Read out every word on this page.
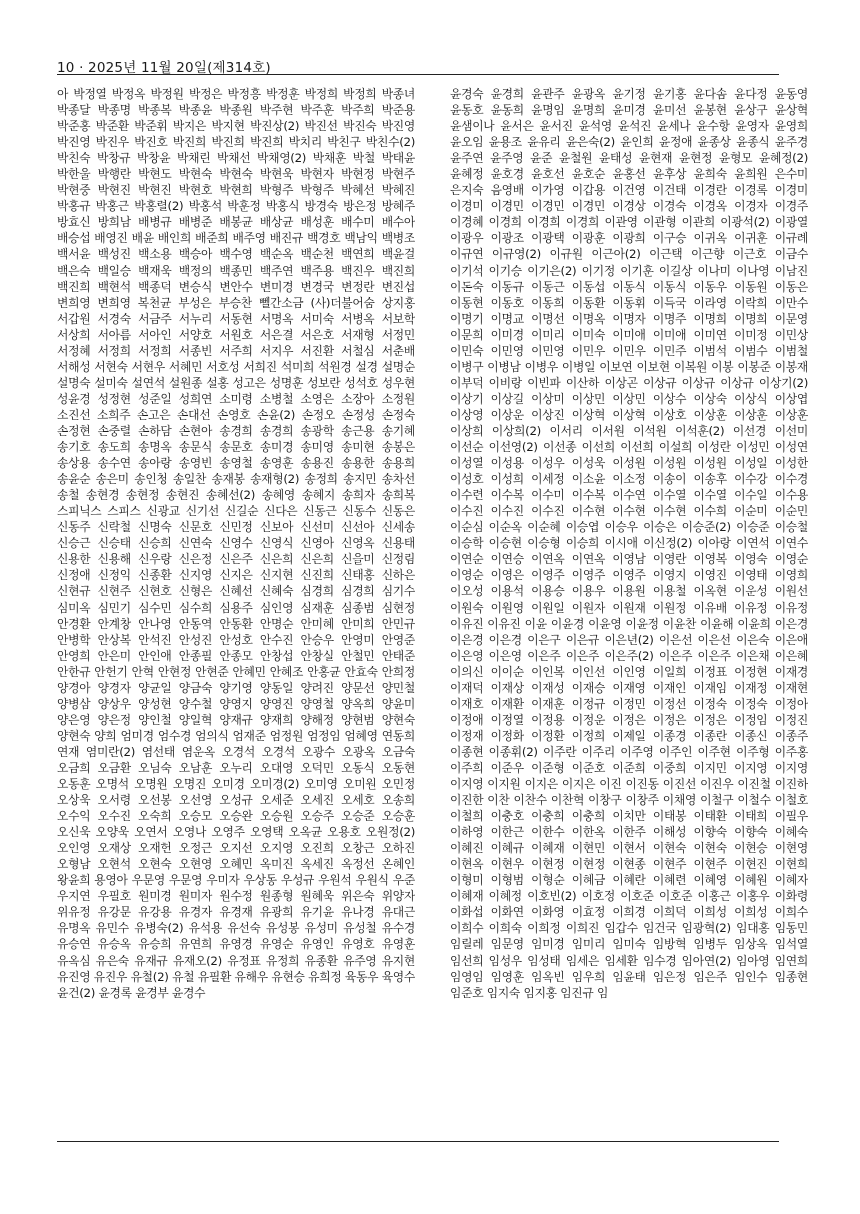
10 · 2025년 11월 20일(제314호)
아 박정열 박정옥 박정원 박정은 박정흥 박정훈 박정희 박정희 박종녀 박종달 박종명 박종복 박종윤 박종원 박주현 박주훈 박주희 박준용 박준홍 박준환 박준휘 박지은 박지현 박진상(2) 박진선 박진숙 박진영 박진영 박진우 박진호 박진희 박진희 박진희 박치리 박친구 박친수(2) 박친숙 박창규 박창윤 박채린 박채선 박채영(2) 박채훈 박철 박태윤 박한울 박행란 박현도 박현숙 박현숙 박현욱 박현자 박현정 박현주 박현중 박현진 박현진 박현호 박현희 박형주 박형주 박혜선 박혜진 박홍규 박홍근 박홍렬(2) 박홍석 박훈정 박홍식 방경숙 방은정 방혜주 방효신 방희남 배병규 배병준 배봉균 배상균 배성훈 배수미 배수아 배승섭 배영진 배윤 배인희 배준희 배주영 배진규 백경호 백남익 백병조 백서윤 백성진 백소용 백승아 백수영 백순옥 백순천 백연희 백윤걸 백은숙 백일승 백재욱 백정의 백종민 백주연 백주용 백진우 백진희 백진희 백현석 백종덕 변승식 변안수 변미경 변경국 변정란 변진섭 변희영 변희영 복천균 부성은 부승찬 뻴간소금 (사)더불어숨 상지홍 서갑원 서경숙 서금주 서누리 서동현 서명옥 서미숙 서병옥 서보학 서상희 서아름 서아인 서양호 서원호 서은결 서은호 서재형 서정민 서정혜 서정희 서정희 서종빈 서주희 서지우 서진환 서철심 서춘배 서해성 서현숙 서현우 서혜민 서호성 서희진 석미희 석원경 설경 설명순 설명숙 설미숙 설연석 설원종 설홍 성고은 성명훈 성보란 성석호 성우현 성윤경 성정현 성준일 성희연 소미령 소병철 소영은 소장아 소정원 소진선 소희주 손고은 손대선 손영호 손윤(2) 손정오 손정성 손정숙 손정현 손중렬 손하담 손현아 송경희 송경희 송광학 송근용 송기혜 송기호 송도희 송명옥 송문식 송문호 송미경 송미영 송미현 송봉은 송상용 송수연 송아랑 송영빈 송영철 송영훈 송용진 송용한 송용희 송윤순 송은미 송인청 송일찬 송재봉 송재형(2) 송정희 송지민 송차선 송철 송현경 송현정 송현진 송혜선(2) 송혜영 송혜지 송희자 송희복 스피닉스 스피스 신광교 신기선 신길순 신다은 신동근 신동수 신동은 신동주 신락철 신명숙 신문호 신민정 신보아 신선미 신선아 신세송 신승근 신승태 신승희 신연숙 신영수 신영식 신영아 신영옥 신용태 신용한 신용해 신우랑 신은정 신은주 신은희 신은희 신을미 신정림 신정애 신정익 신종환 신지영 신지은 신지현 신진희 신태홍 신하은 신현규 신현주 신현호 신형은 신혜선 신혜숙 심경희 심경희 심기수 심미옥 심민기 심수민 심수희 심용주 심인영 심재훈 심종범 심현정 안경환 안계창 안나영 안동역 안동환 안명순 안미혜 안미희 안민규 안병학 안상복 안석진 안성진 안성호 안수진 안승우 안영미 안영준 안영희 안은미 안인애 안종필 안종모 안창섭 안창실 안철민 안태준 안한규 안헌기 안혁 안현정 안현준 안혜민 안혜조 안홍균 안효숙 안희정 양경아 양경자 양균일 양금숙 양기영 양동일 양려진 양문선 양민철 양병삼 양상우 양성현 양수철 양영지 양영진 양영철 양옥희 양윤미 양은영 양은정 양인철 양일혁 양재규 양재희 양해정 양현범 양현숙 양현숙 양희 엄미경 엄수경 엄의식 엄재준 엄정원 엄정임 엄혜영 연동희 연재 염미란(2) 염선태 염운옥 오경석 오경석 오광수 오광옥 오금숙 오금희 오금환 오님숙 오남훈 오누리 오대영 오덕민 오동식 오동현 오동훈 오명석 오명원 오명진 오미경 오미경(2) 오미영 오미원 오민정 오상욱 오서령 오선봉 오선영 오성규 오세준 오세진 오세호 오송희 오수익 오수진 오숙희 오승모 오승완 오승원 오승주 오승준 오승훈 오신욱 오양욱 오연서 오영나 오영주 오영택 오옥균 오용호 오원정(2) 오인영 오재상 오재헌 오정근 오지선 오지영 오진희 오창근 오하진 오형남 오현석 오현숙 오현영 오혜민 옥미진 옥세진 옥정선 온혜인 왕윤희 용영아 우문영 우문영 우미자 우상동 우성규 우원석 우원식 우준 우지연 우필호 원미경 원미자 원수정 원종형 원혜욱 위은숙 위양자 위유정 유강문 유강용 유경자 유경재 유광희 유기윤 유나경 유대근 유명옥 유민수 유병숙(2) 유석용 유선숙 유성봉 유성미 유성철 유수경 유승연 유승옥 유승희 유연희 유영경 유영순 유영인 유영호 유영훈 유옥심 유은숙 유재규 유재오(2) 유정표 유정희 유종환 유주영 유지현 유진영 유진우 유철(2) 유철 유필환 유해우 유현승 유희정 육동우 육영수 윤건(2) 윤경록 윤경부 윤경수
윤경숙 윤경희 윤관주 윤광옥 윤기정 윤기홍 윤다솜 윤다정 윤동영 윤동호 윤동희 윤명임 윤명희 윤미경 윤미선 윤봉현 윤상구 윤상혁 윤샘이나 윤서은 윤서진 윤석영 윤석진 윤세나 윤수항 윤영자 윤영희 윤오임 윤용조 윤유리 윤은숙(2) 윤인희 윤정애 윤종상 윤종식 윤주경 윤주연 윤주영 윤준 윤철원 윤태성 윤현재 윤현정 윤형모 윤혜정(2) 윤혜정 윤호경 윤호선 윤호순 윤홍선 윤후상 윤희숙 윤희원 은수미 은지숙 음영배 이가영 이갑용 이건영 이건태 이경란 이경록 이경미 이경미 이경민 이경민 이경민 이경상 이경숙 이경옥 이경자 이경주 이경혜 이경희 이경희 이경희 이관영 이관형 이관희 이광석(2) 이광열 이광우 이광조 이광택 이광훈 이광희 이구승 이귀옥 이귀훈 이규례 이규연 이규영(2) 이규원 이근아(2) 이근택 이근향 이근호 이금수 이기석 이기승 이기은(2) 이기정 이기훈 이길상 이나미 이나영 이남진 이돈숙 이동규 이동근 이동섭 이동식 이동식 이동우 이동원 이동은 이동현 이동호 이동희 이동환 이동휘 이득국 이라영 이락희 이만수 이명기 이명교 이명선 이명옥 이명자 이명주 이명희 이명희 이문영 이문희 이미경 이미리 이미숙 이미애 이미애 이미연 이미정 이민상 이민숙 이민영 이민영 이민우 이민우 이민주 이범석 이범수 이범철 이병구 이병남 이병우 이병일 이보연 이보현 이복원 이봉 이봉준 이봉재 이부덕 이비랑 이빈파 이산하 이상곤 이상규 이상규 이상규 이상기(2) 이상기 이상길 이상미 이상민 이상민 이상수 이상숙 이상식 이상엽 이상영 이상운 이상진 이상혁 이상혁 이상호 이상훈 이상훈 이상훈 이상희 이상희(2) 이서리 이서원 이석원 이석훈(2) 이선경 이선미 이선순 이선영(2) 이선종 이선희 이선희 이설희 이성란 이성민 이성연 이성열 이성용 이성우 이성욱 이성원 이성원 이성원 이성일 이성한 이성호 이성희 이세정 이소윤 이소정 이송이 이송후 이수강 이수경 이수련 이수복 이수미 이수복 이수연 이수열 이수열 이수일 이수용 이수진 이수진 이수진 이수현 이수현 이수현 이수희 이순미 이순민 이순심 이순옥 이순혜 이승엽 이승우 이승은 이승준(2) 이승준 이승철 이승학 이승현 이승형 이승희 이시애 이신정(2) 이아랑 이연석 이연수 이연순 이연승 이연옥 이연옥 이영남 이영란 이영복 이영숙 이영순 이영순 이영은 이영주 이영주 이영주 이영지 이영진 이영태 이영희 이오성 이용석 이용승 이용우 이용원 이용철 이옥현 이운성 이원선 이원숙 이원영 이원일 이원자 이원재 이원정 이유배 이유정 이유정 이유진 이유진 이윤 이윤경 이윤영 이윤정 이윤찬 이윤해 이윤희 이은경 이은경 이은경 이은구 이은규 이은년(2) 이은선 이은선 이은숙 이은애 이은영 이은영 이은주 이은주 이은주(2) 이은주 이은주 이은채 이은혜 이의신 이이순 이인복 이인선 이인영 이일희 이정표 이정현 이재경 이재덕 이재상 이재성 이재승 이재영 이재인 이재임 이재정 이재현 이재호 이재환 이재훈 이정규 이정민 이정선 이정숙 이정숙 이정아 이정애 이정열 이정용 이정운 이정은 이정은 이정은 이정임 이정진 이정재 이정화 이정환 이정희 이제일 이종경 이종란 이종신 이종주 이종현 이종휘(2) 이주란 이주리 이주영 이주인 이주현 이주형 이주홍 이주희 이준우 이준형 이준호 이준희 이중희 이지민 이지영 이지영 이지영 이지원 이지은 이지은 이진 이진동 이진선 이진우 이진철 이진하 이진한 이찬 이찬수 이찬혁 이창구 이창주 이채영 이철구 이철수 이철호 이철희 이충호 이충희 이충희 이치만 이태봉 이태환 이태희 이필우 이하영 이한근 이한수 이한옥 이한주 이해성 이향숙 이향숙 이혜숙 이혜진 이혜규 이혜재 이현민 이현서 이현숙 이현숙 이현승 이현영 이현옥 이현우 이현정 이현정 이현종 이현주 이현주 이현진 이현희 이형미 이형범 이형순 이혜금 이혜란 이혜련 이혜영 이혜원 이혜자 이혜재 이혜정 이호빈(2) 이호정 이호준 이호준 이홍근 이홍우 이화령 이화섭 이화연 이화영 이효정 이희경 이희덕 이희성 이희성 이희수 이희수 이희숙 이희정 이희진 임갑수 임건국 임광혁(2) 임대홍 임동민 임릴레 임문영 임미경 임미리 임미숙 임방혁 임병두 임상옥 임석열 임선희 임성우 임성태 임세은 임세환 임수경 임아연(2) 임아영 임연희 임영임 임영훈 임옥빈 임우희 임윤태 임은정 임은주 임인수 임종현 임준호 임지숙 임지홍 임진규 임
